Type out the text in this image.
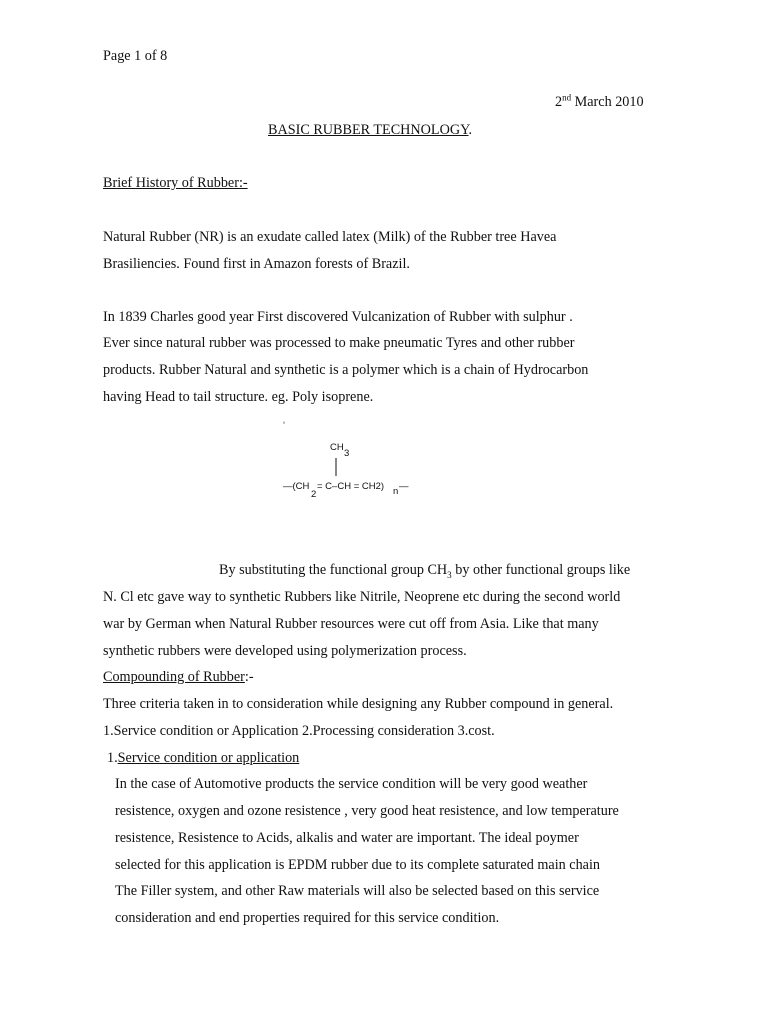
Page 1 of 8
2nd March 2010
BASIC RUBBER TECHNOLOGY.
Brief History of Rubber:-
Natural Rubber (NR) is an exudate called latex (Milk) of the Rubber tree Havea
Brasiliencies. Found first in Amazon forests of Brazil.
In 1839 Charles good year First discovered Vulcanization of Rubber with sulphur .
Ever since natural rubber was processed to make pneumatic Tyres and other rubber
products. Rubber Natural and synthetic is a polymer which is a chain of Hydrocarbon
having Head to tail structure. eg. Poly isoprene.
‘
CH
3
—(CH
2
= C–CH = CH2) n —
By substituting the functional group $CH_3$ by other functional groups like
N. Cl etc gave way to synthetic Rubbers like Nitrile, Neoprene etc during the second world
war by German when Natural Rubber resources were cut off from Asia. Like that many
synthetic rubbers were developed using polymerization process.
Compounding of Rubber:-
Three criteria taken in to consideration while designing any Rubber compound in general.
1.Service condition or Application 2.Processing consideration 3.cost.
1.Service condition or application
In the case of Automotive products the service condition will be very good weather
resistence, oxygen and ozone resistence , very good heat resistence, and low temperature
resistence, Resistence to Acids, alkalis and water are important. The ideal poymer
selected for this application is EPDM rubber due to its complete saturated main chain
The Filler system, and other Raw materials will also be selected based on this service
consideration and end properties required for this service condition.
